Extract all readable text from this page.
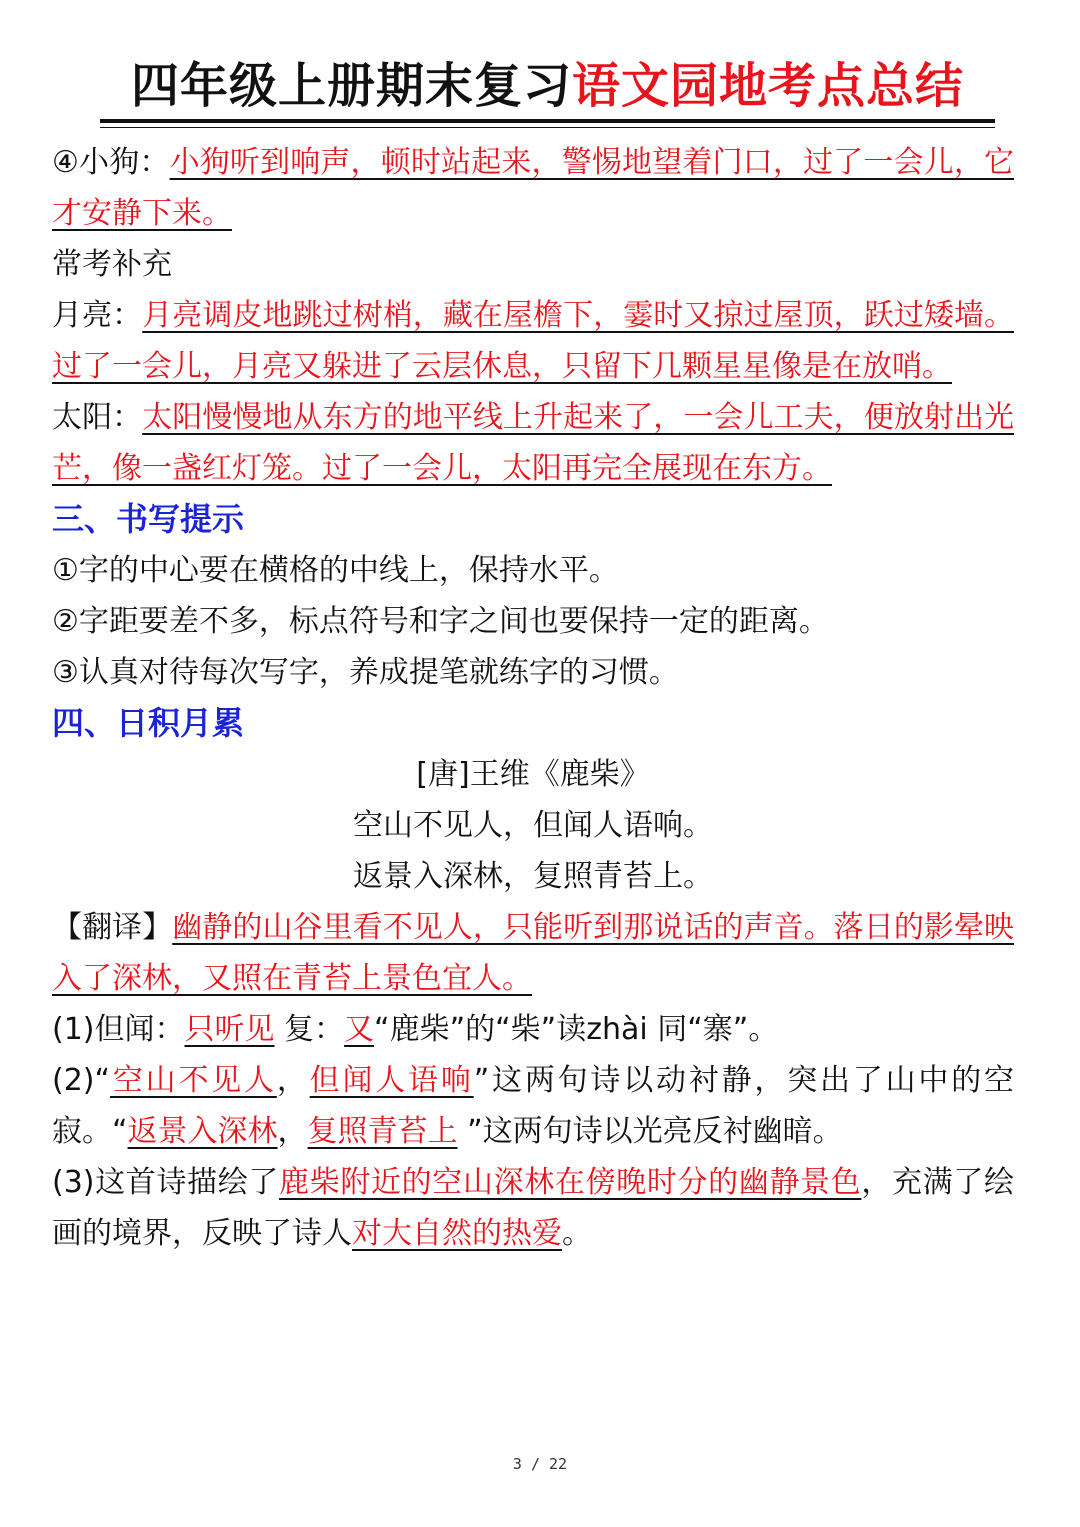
四年级上册期末复习语文园地考点总结

④小狗：小狗听到响声，顿时站起来，警惕地望着门口，过了一会儿，它才安静下来。

常考补充

月亮：月亮调皮地跳过树梢，藏在屋檐下，霎时又掠过屋顶，跃过矮墙。过了一会儿，月亮又躲进了云层休息，只留下几颗星星像是在放哨。

太阳：太阳慢慢地从东方的地平线上升起来了，一会儿工夫，便放射出光芒，像一盏红灯笼。过了一会儿，太阳再完全展现在东方。

三、书写提示

①字的中心要在横格的中线上，保持水平。

②字距要差不多，标点符号和字之间也要保持一定的距离。

③认真对待每次写字，养成提笔就练字的习惯。

四、日积月累

[唐]王维《鹿柴》

空山不见人，但闻人语响。

返景入深林，复照青苔上。

【翻译】幽静的山谷里看不见人，只能听到那说话的声音。落日的影晕映入了深林，又照在青苔上景色宜人。

(1)但闻：只听见 复：又“鹿柴”的“柴”读zhài 同“寨”。

(2)“空山不见人，但闻人语响”这两句诗以动衬静，突出了山中的空寂。“返景入深林，复照青苔上 ”这两句诗以光亮反衬幽暗。

(3)这首诗描绘了鹿柴附近的空山深林在傍晚时分的幽静景色，充满了绘画的境界，反映了诗人对大自然的热爱。

3 / 22
